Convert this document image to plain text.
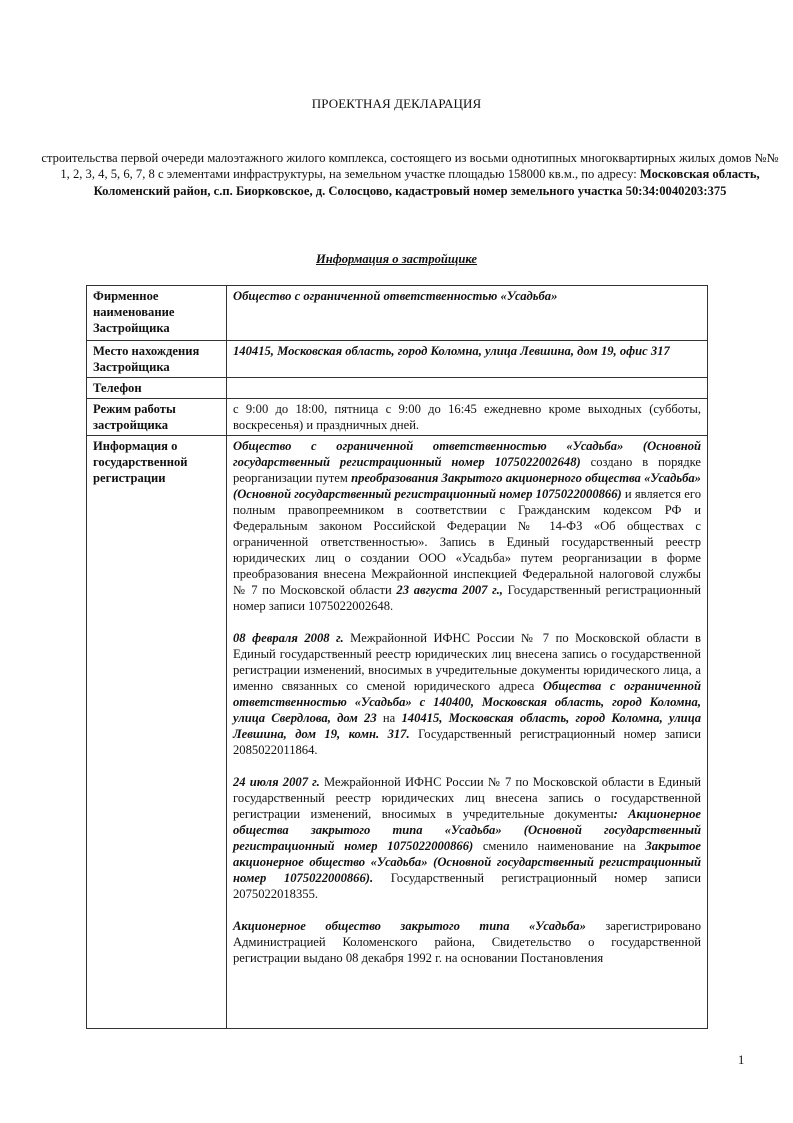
ПРОЕКТНАЯ ДЕКЛАРАЦИЯ
строительства первой очереди малоэтажного жилого комплекса, состоящего из восьми однотипных многоквартирных жилых домов №№ 1, 2, 3, 4, 5, 6, 7, 8 с элементами инфраструктуры, на земельном участке площадью 158000 кв.м., по адресу: Московская область, Коломенский район, с.п. Биорковское, д. Солосцово, кадастровый номер земельного участка 50:34:0040203:375
Информация о застройщике
Фирменное наименование Застройщика	Общество с ограниченной ответственностью «Усадьба»
Место нахождения Застройщика	140415, Московская область, город Коломна, улица Левшина, дом 19, офис 317
Телефон	
Режим работы застройщика	с 9:00 до 18:00, пятница с 9:00 до 16:45 ежедневно кроме выходных (субботы, воскресенья) и праздничных дней.
Информация о государственной регистрации	Общество с ограниченной ответственностью «Усадьба» (Основной государственный регистрационный номер 1075022002648) создано в порядке реорганизации путем преобразования Закрытого акционерного общества «Усадьба» (Основной государственный регистрационный номер 1075022000866) и является его полным правопреемником в соответствии с Гражданским кодексом РФ и Федеральным законом Российской Федерации № 14-ФЗ «Об обществах с ограниченной ответственностью». Запись в Единый государственный реестр юридических лиц о создании ООО «Усадьба» путем реорганизации в форме преобразования внесена Межрайонной инспекцией Федеральной налоговой службы № 7 по Московской области 23 августа 2007 г., Государственный регистрационный номер записи 1075022002648.

08 февраля 2008 г. Межрайонной ИФНС России № 7 по Московской области в Единый государственный реестр юридических лиц внесена запись о государственной регистрации изменений, вносимых в учредительные документы юридического лица, а именно связанных со сменой юридического адреса Общества с ограниченной ответственностью «Усадьба» с 140400, Московская область, город Коломна, улица Свердлова, дом 23 на 140415, Московская область, город Коломна, улица Левшина, дом 19, комн. 317. Государственный регистрационный номер записи 2085022011864.

24 июля 2007 г. Межрайонной ИФНС России № 7 по Московской области в Единый государственный реестр юридических лиц внесена запись о государственной регистрации изменений, вносимых в учредительные документы: Акционерное общества закрытого типа «Усадьба» (Основной государственный регистрационный номер 1075022000866) сменило наименование на Закрытое акционерное общество «Усадьба» (Основной государственный регистрационный номер 1075022000866). Государственный регистрационный номер записи 2075022018355.

Акционерное общество закрытого типа «Усадьба» зарегистрировано Администрацией Коломенского района, Свидетельство о государственной регистрации выдано 08 декабря 1992 г. на основании Постановления

1
